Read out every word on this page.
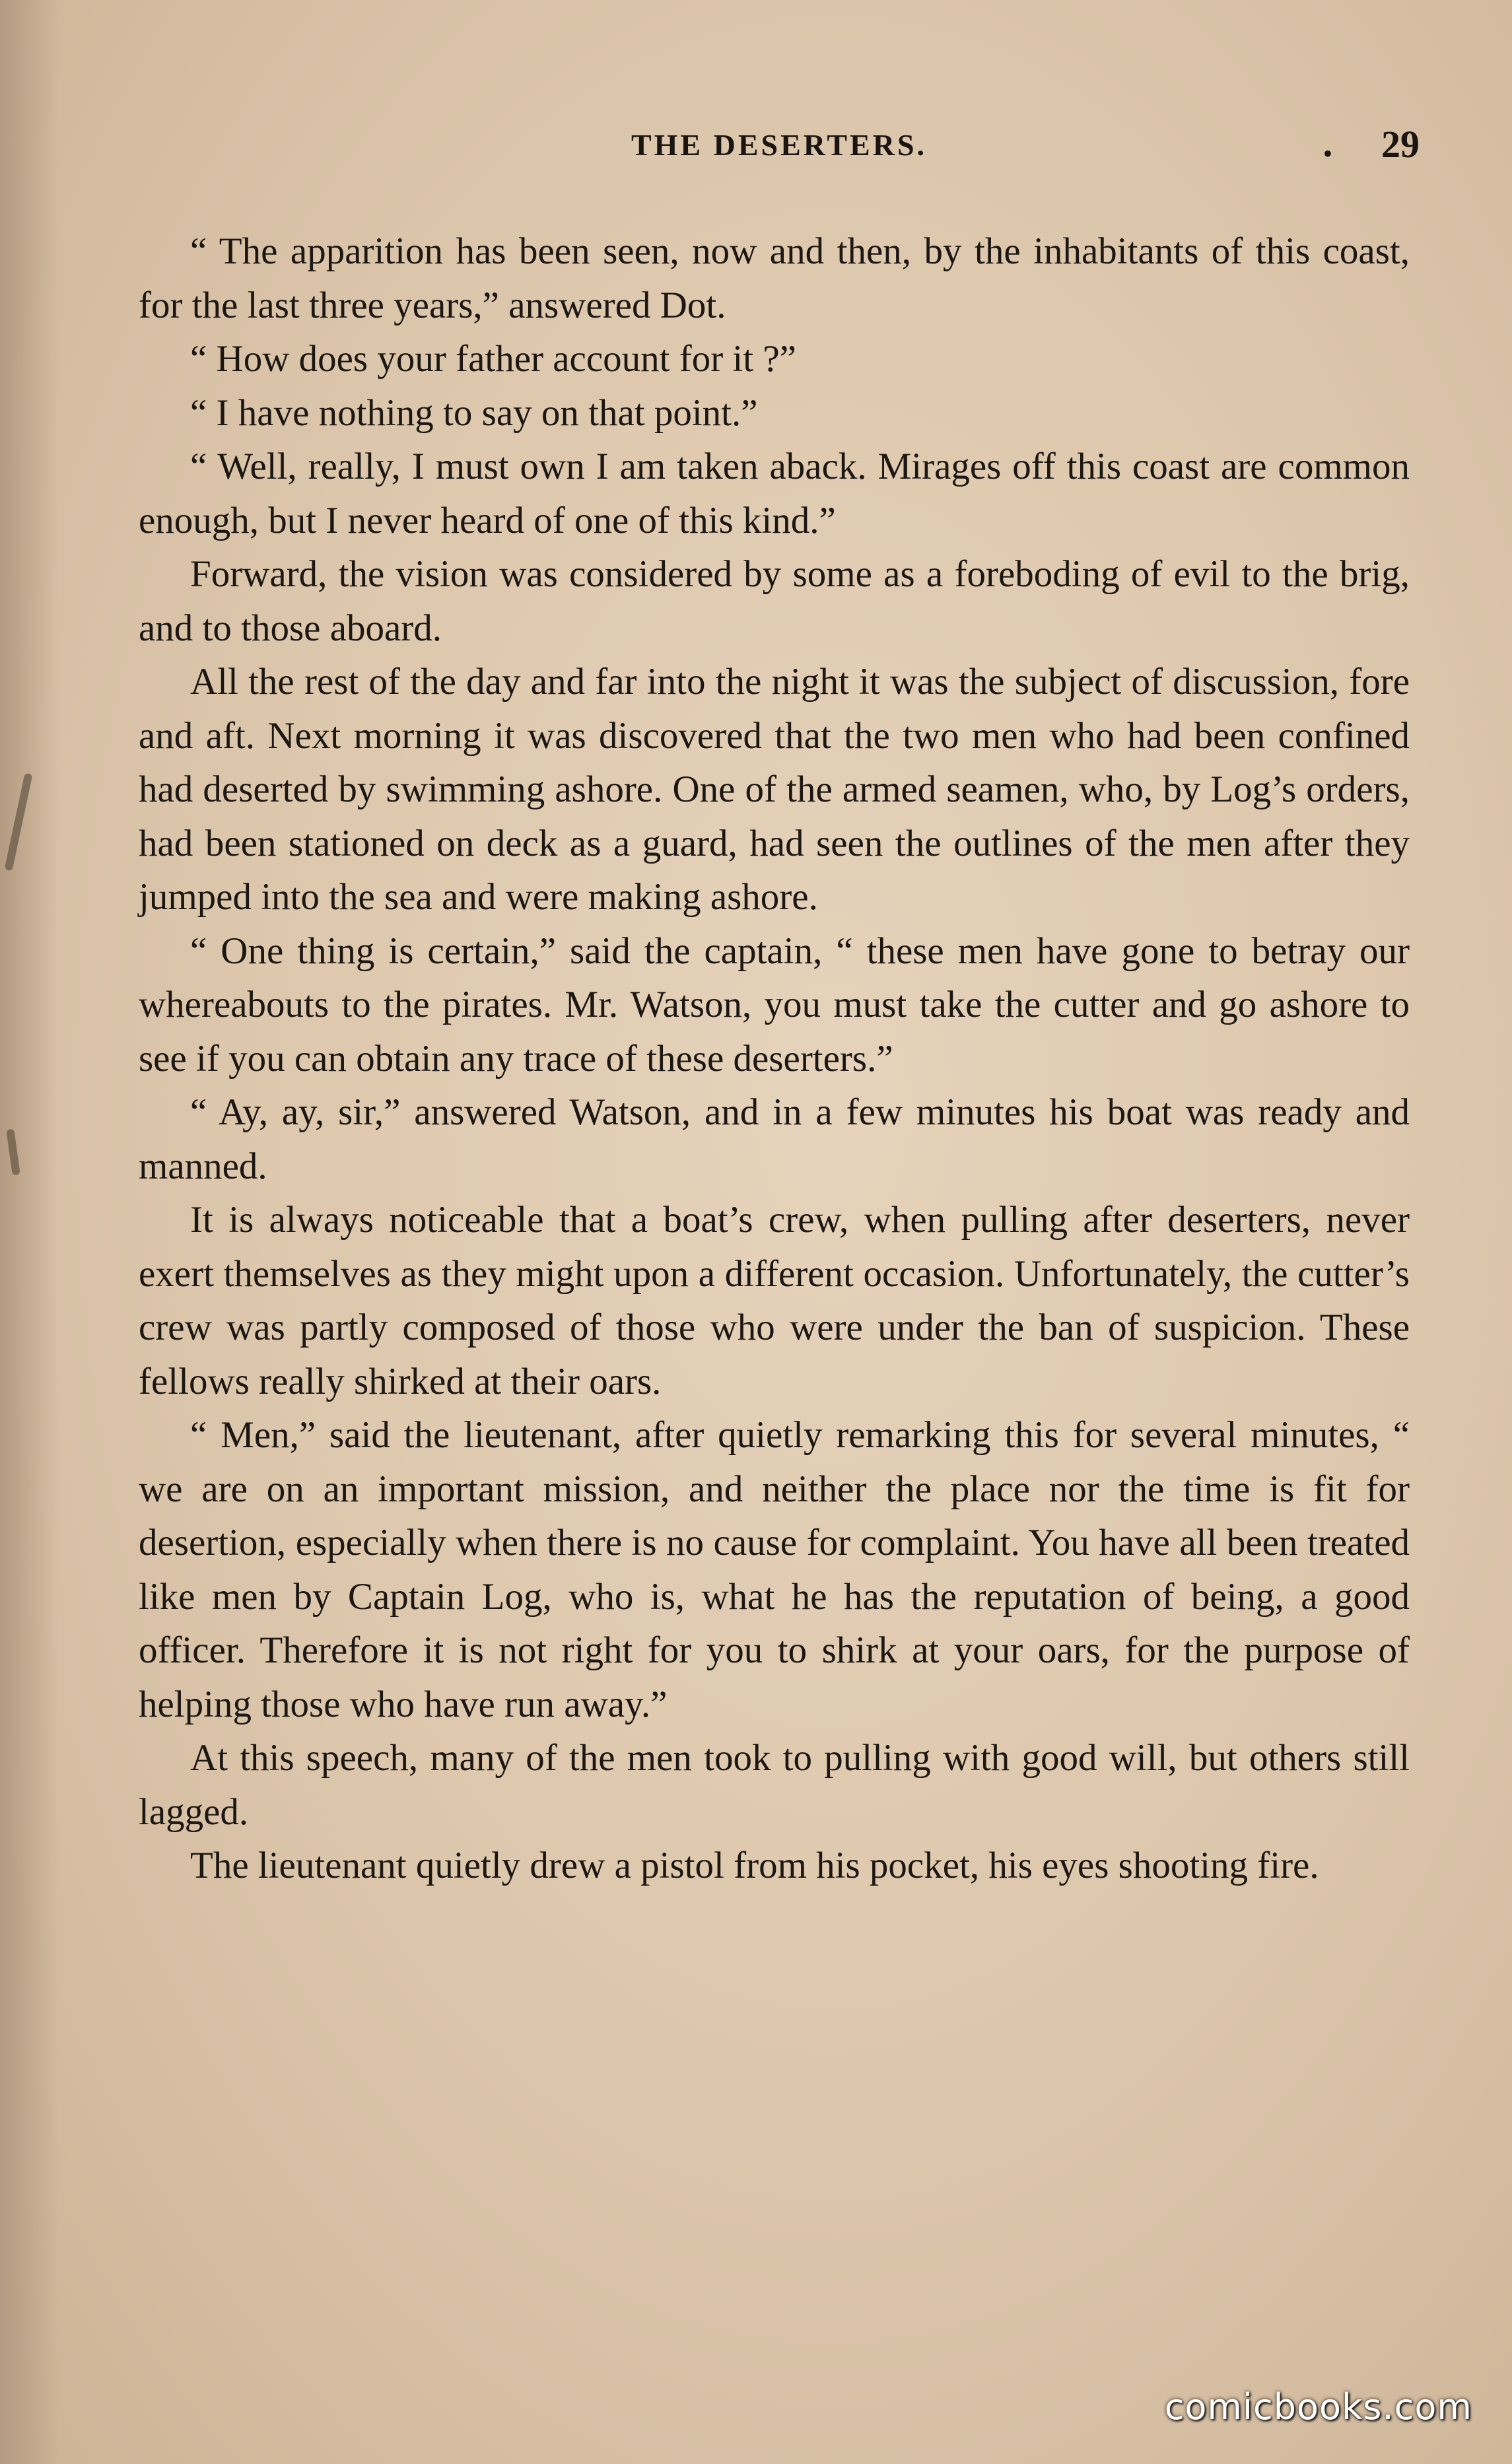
THE DESERTERS.	. 29

“ The apparition has been seen, now and then, by the inhabitants of this coast, for the last three years,” answered Dot.

“ How does your father account for it ?”

“ I have nothing to say on that point.”

“ Well, really, I must own I am taken aback. Mirages off this coast are common enough, but I never heard of one of this kind.”

Forward, the vision was considered by some as a foreboding of evil to the brig, and to those aboard.

All the rest of the day and far into the night it was the subject of discussion, fore and aft. Next morning it was discovered that the two men who had been confined had deserted by swimming ashore. One of the armed seamen, who, by Log’s orders, had been stationed on deck as a guard, had seen the outlines of the men after they jumped into the sea and were making ashore.

“ One thing is certain,” said the captain, “ these men have gone to betray our whereabouts to the pirates. Mr. Watson, you must take the cutter and go ashore to see if you can obtain any trace of these deserters.”

“ Ay, ay, sir,” answered Watson, and in a few minutes his boat was ready and manned.

It is always noticeable that a boat’s crew, when pulling after deserters, never exert themselves as they might upon a different occasion. Unfortunately, the cutter’s crew was partly composed of those who were under the ban of suspicion. These fellows really shirked at their oars.

“ Men,” said the lieutenant, after quietly remarking this for several minutes, “ we are on an important mission, and neither the place nor the time is fit for desertion, especially when there is no cause for complaint. You have all been treated like men by Captain Log, who is, what he has the reputation of being, a good officer. Therefore it is not right for you to shirk at your oars, for the purpose of helping those who have run away.”

At this speech, many of the men took to pulling with good will, but others still lagged.

The lieutenant quietly drew a pistol from his pocket, his eyes shooting fire.

comicbooks.com
